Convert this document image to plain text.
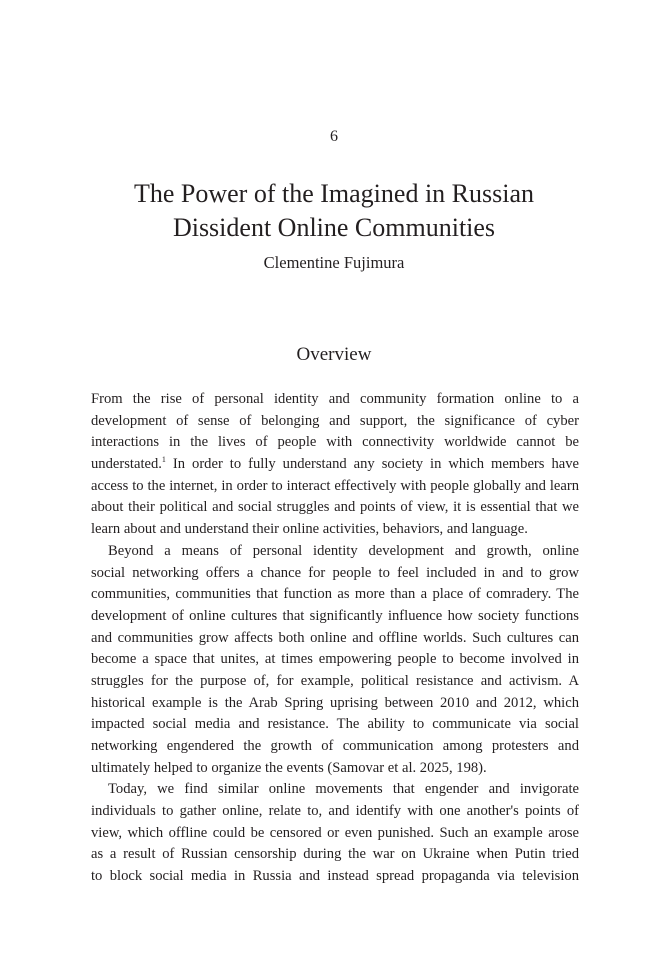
6
The Power of the Imagined in Russian
Dissident Online Communities
Clementine Fujimura
Overview
From the rise of personal identity and community formation online to a
development of sense of belonging and support, the significance of cyber
interactions in the lives of people with connectivity worldwide cannot be
understated.$^1$ In order to fully understand any society in which members have
access to the internet, in order to interact effectively with people globally and learn
about their political and social struggles and points of view, it is essential that we
learn about and understand their online activities, behaviors, and language.
Beyond a means of personal identity development and growth, online
social networking offers a chance for people to feel included in and to grow
communities, communities that function as more than a place of comradery. The
development of online cultures that significantly influence how society functions
and communities grow affects both online and offline worlds. Such cultures can
become a space that unites, at times empowering people to become involved in
struggles for the purpose of, for example, political resistance and activism. A
historical example is the Arab Spring uprising between 2010 and 2012, which
impacted social media and resistance. The ability to communicate via social
networking engendered the growth of communication among protesters and
ultimately helped to organize the events (Samovar et al. 2025, 198).
Today, we find similar online movements that engender and invigorate
individuals to gather online, relate to, and identify with one another's points of
view, which offline could be censored or even punished. Such an example arose
as a result of Russian censorship during the war on Ukraine when Putin tried
to block social media in Russia and instead spread propaganda via television
